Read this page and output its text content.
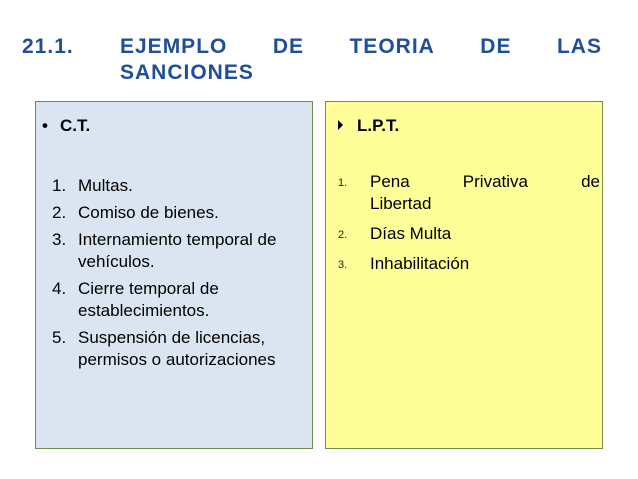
21.1. EJEMPLO DE TEORIA DE LAS
SANCIONES
• C.T.
1. Multas.
2. Comiso de bienes.
3. Internamiento temporal de vehículos.
4. Cierre temporal de establecimientos.
5. Suspensión de licencias, permisos o autorizaciones
L.P.T.
1. Pena	Privativa	de
Libertad
2. Días Multa
3. Inhabilitación
